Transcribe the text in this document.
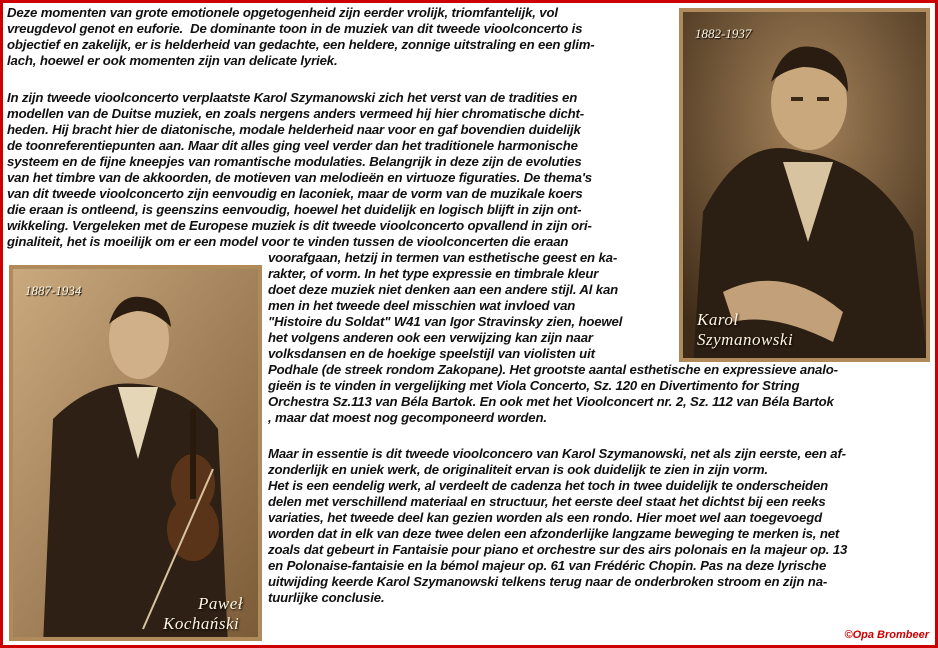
Deze momenten van grote emotionele opgetogenheid zijn eerder vrolijk, triomfantelijk, vol

vreugdevol genot en euforie.  De dominante toon in de muziek van dit tweede vioolconcerto is

objectief en zakelijk, er is helderheid van gedachte, een heldere, zonnige uitstraling en een glim-

lach, hoewel er ook momenten zijn van delicate lyriek.

In zijn tweede vioolconcerto verplaatste Karol Szymanowski zich het verst van de tradities en

modellen van de Duitse muziek, en zoals nergens anders vermeed hij hier chromatische dicht-

heden. Hij bracht hier de diatonische, modale helderheid naar voor en gaf bovendien duidelijk

de toonreferentiepunten aan. Maar dit alles ging veel verder dan het traditionele harmonische

systeem en de fijne kneepjes van romantische modulaties. Belangrijk in deze zijn de evoluties

van het timbre van de akkoorden, de motieven van melodieën en virtuoze figuraties. De thema's

van dit tweede vioolconcerto zijn eenvoudig en laconiek, maar de vorm van de muzikale koers

die eraan is ontleend, is geenszins eenvoudig, hoewel het duidelijk en logisch blijft in zijn ont-

wikkeling. Vergeleken met de Europese muziek is dit tweede vioolconcerto opvallend in zijn ori-

ginaliteit, het is moeilijk om er een model voor te vinden tussen de vioolconcerten die eraan

voorafgaan, hetzij in termen van esthetische geest en ka-

rakter, of vorm. In het type expressie en timbrale kleur

doet deze muziek niet denken aan een andere stijl. Al kan

men in het tweede deel misschien wat invloed van

"Histoire du Soldat" W41 van Igor Stravinsky zien, hoewel

het volgens anderen ook een verwijzing kan zijn naar

volksdansen en de hoekige speelstijl van violisten uit

Podhale (de streek rondom Zakopane). Het grootste aantal esthetische en expressieve analo-

gieën is te vinden in vergelijking met Viola Concerto, Sz. 120 en Divertimento for String

Orchestra Sz.113 van Béla Bartok. En ook met het Vioolconcert nr. 2, Sz. 112 van Béla Bartok

, maar dat moest nog gecomponeerd worden.

Maar in essentie is dit tweede vioolconcero van Karol Szymanowski, net als zijn eerste, een af-

zonderlijk en uniek werk, de originaliteit ervan is ook duidelijk te zien in zijn vorm.

Het is een eendelig werk, al verdeelt de cadenza het toch in twee duidelijk te onderscheiden

delen met verschillend materiaal en structuur, het eerste deel staat het dichtst bij een reeks

variaties, het tweede deel kan gezien worden als een rondo. Hier moet wel aan toegevoegd

worden dat in elk van deze twee delen een afzonderlijke langzame beweging te merken is, net

zoals dat gebeurt in Fantaisie pour piano et orchestre sur des airs polonais en la majeur op. 13

en Polonaise-fantaisie en la bémol majeur op. 61 van Frédéric Chopin. Pas na deze lyrische

uitwijding keerde Karol Szymanowski telkens terug naar de onderbroken stroom en zijn na-

tuurlijke conclusie.

1882-1937
Karol
Szymanowski
1887-1934
Paweł
Kochański
©Opa Brombeer
